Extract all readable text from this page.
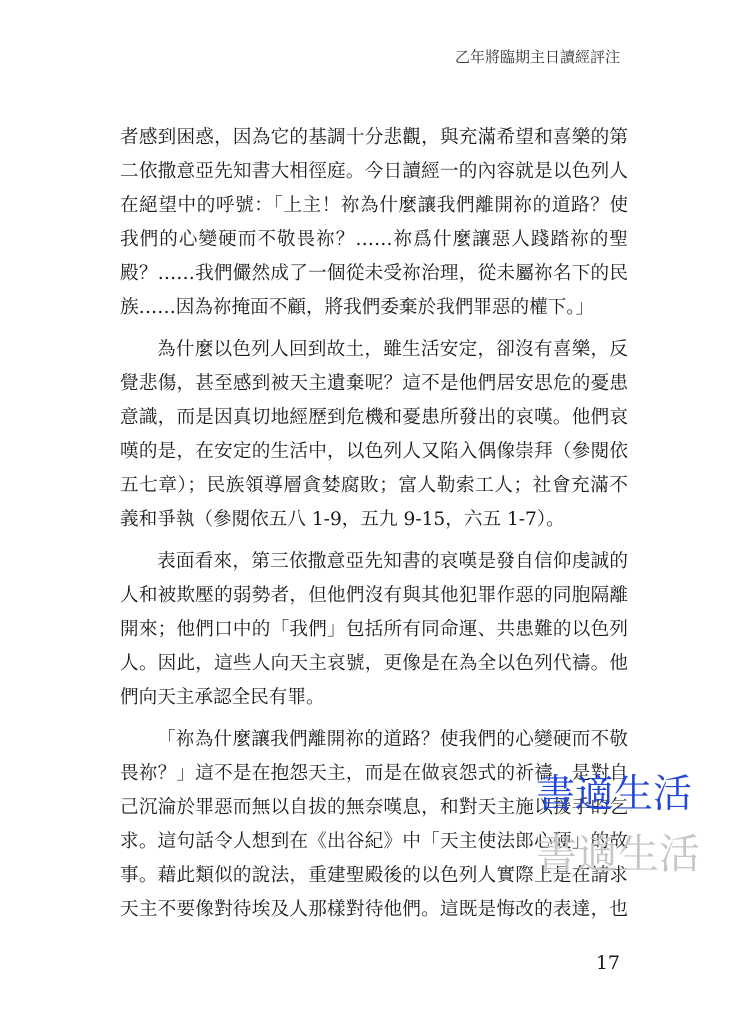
乙年將臨期主日讀經評注
者感到困惑，因為它的基調十分悲觀，與充滿希望和喜樂的第
二依撒意亞先知書大相徑庭。今日讀經一的內容就是以色列人
在絕望中的呼號：「上主！祢為什麼讓我們離開祢的道路？使
我們的心變硬而不敬畏祢？……祢爲什麼讓惡人踐踏祢的聖
殿？……我們儼然成了一個從未受祢治理，從未屬祢名下的民
族……因為祢掩面不顧，將我們委棄於我們罪惡的權下。」
為什麼以色列人回到故土，雖生活安定，卻沒有喜樂，反
覺悲傷，甚至感到被天主遺棄呢？這不是他們居安思危的憂患
意識，而是因真切地經歷到危機和憂患所發出的哀嘆。他們哀
嘆的是，在安定的生活中，以色列人又陷入偶像崇拜（參閱依
五七章）；民族領導層貪婪腐敗；富人勒索工人；社會充滿不
義和爭執（參閱依五八 1-9，五九 9-15，六五 1-7）。
表面看來，第三依撒意亞先知書的哀嘆是發自信仰虔誠的
人和被欺壓的弱勢者，但他們沒有與其他犯罪作惡的同胞隔離
開來；他們口中的「我們」包括所有同命運、共患難的以色列
人。因此，這些人向天主哀號，更像是在為全以色列代禱。他
們向天主承認全民有罪。
「祢為什麼讓我們離開祢的道路？使我們的心變硬而不敬
畏祢？」這不是在抱怨天主，而是在做哀怨式的祈禱，是對自
己沉淪於罪惡而無以自拔的無奈嘆息，和對天主施以援手的乞
求。這句話令人想到在《出谷紀》中「天主使法郎心硬」的故
事。藉此類似的說法，重建聖殿後的以色列人實際上是在請求
天主不要像對待埃及人那樣對待他們。這既是悔改的表達，也
書適生活
書適生活
17
